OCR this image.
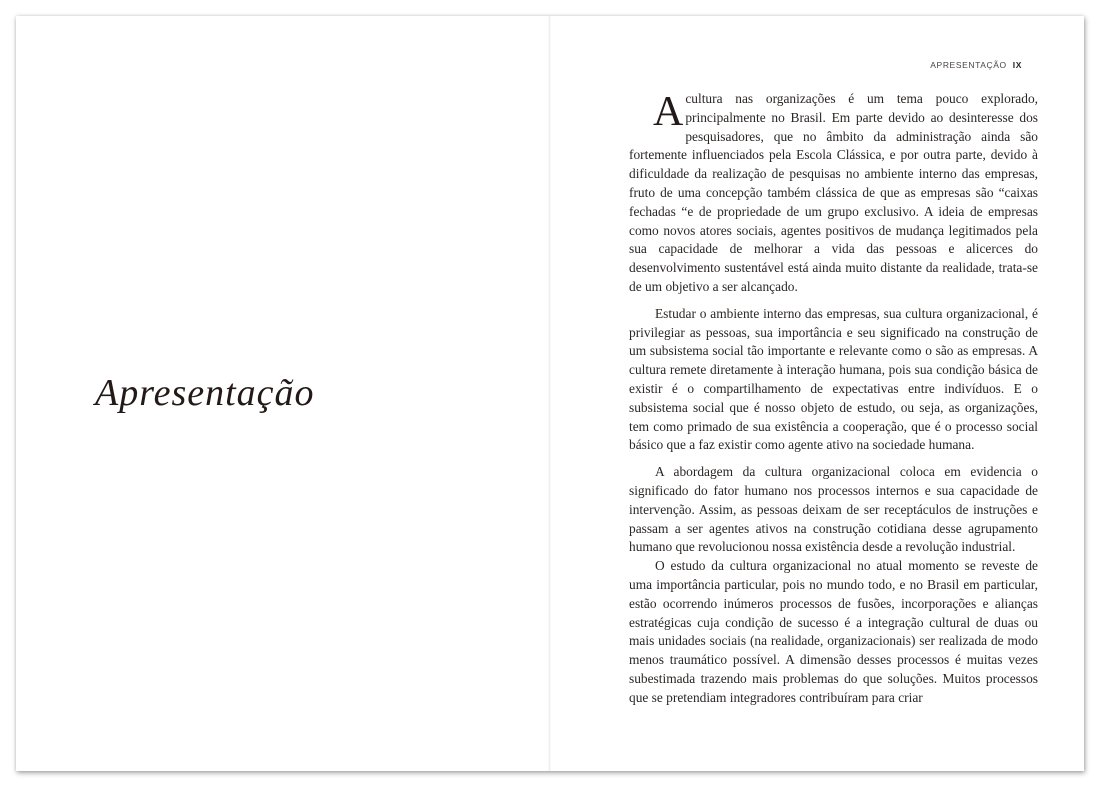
Apresentação
APRESENTAÇÃO IX

A cultura nas organizações é um tema pouco explorado, principalmente no Brasil. Em parte devido ao desinteresse dos pesquisadores, que no âmbito da administração ainda são fortemente influenciados pela Escola Clássica, e por outra parte, devido à dificuldade da realização de pesquisas no ambiente interno das empresas, fruto de uma concepção também clássica de que as empresas são “caixas fechadas “e de propriedade de um grupo exclusivo. A ideia de empresas como novos atores sociais, agentes positivos de mudança legitimados pela sua capacidade de melhorar a vida das pessoas e alicerces do desenvolvimento sustentável está ainda muito distante da realidade, trata-se de um objetivo a ser alcançado.

Estudar o ambiente interno das empresas, sua cultura organizacional, é privilegiar as pessoas, sua importância e seu significado na construção de um subsistema social tão importante e relevante como o são as empresas. A cultura remete diretamente à interação humana, pois sua condição básica de existir é o compartilhamento de expectativas entre indivíduos. E o subsistema social que é nosso objeto de estudo, ou seja, as organizações, tem como primado de sua existência a cooperação, que é o processo social básico que a faz existir como agente ativo na sociedade humana.

A abordagem da cultura organizacional coloca em evidencia o significado do fator humano nos processos internos e sua capacidade de intervenção. Assim, as pessoas deixam de ser receptáculos de instruções e passam a ser agentes ativos na construção cotidiana desse agrupamento humano que revolucionou nossa existência desde a revolução industrial.

O estudo da cultura organizacional no atual momento se reveste de uma importância particular, pois no mundo todo, e no Brasil em particular, estão ocorrendo inúmeros processos de fusões, incorporações e alianças estratégicas cuja condição de sucesso é a integração cultural de duas ou mais unidades sociais (na realidade, organizacionais) ser realizada de modo menos traumático possível. A dimensão desses processos é muitas vezes subestimada trazendo mais problemas do que soluções. Muitos processos que se pretendiam integradores contribuíram para criar
